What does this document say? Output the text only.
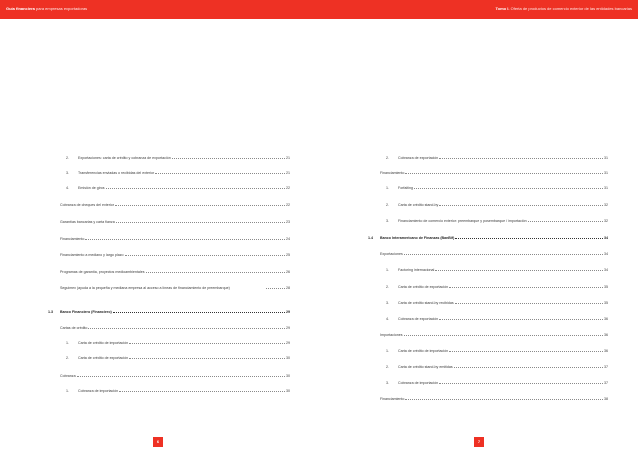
Guía financiera para empresas exportadoras	Tomo I. Oferta de productos de comercio exterior de las entidades bancarias
2.	Exportaciones: carta de crédito y cobranza de exportación	21
3.	Transferencias enviadas o recibidas del exterior	21
4.	Emisión de giros	22
Cobranza de cheques del exterior	22
Garantías bancarias y carta fianza	23
Financiamiento	24
Financiamiento a mediano y largo plazo	25
Programas de garantía, proyectos medioambientales	26
Seguimex (ayuda a la pequeña y mediana empresa al acceso a líneas de financiamiento de preembarque)	28
1.3	Banco Financiero (Financiero)	29
Cartas de crédito	29
1.	Carta de crédito de importación	29
2.	Carta de crédito de exportación	30
Cobranza	30
1.	Cobranza de importación	30
2.	Cobranza de exportación	31
Financiamiento	31
1.	Forfaiting	31
2.	Carta de crédito stand-by	32
3.	Financiamiento de comercio exterior: preembarque y posembarque / importación	32
1.4	Banco Interamericano de Finanzas (BanBif)	34
Exportaciones	34
1.	Factoring internacional	34
2.	Carta de crédito de exportación	35
3.	Carta de crédito stand-by recibidas	35
4.	Cobranza de exportación	36
Importaciones	36
1.	Carta de crédito de importación	36
2.	Carta de crédito stand-by emitidas	37
3.	Cobranza de importación	37
Financiamiento	38
6	7
